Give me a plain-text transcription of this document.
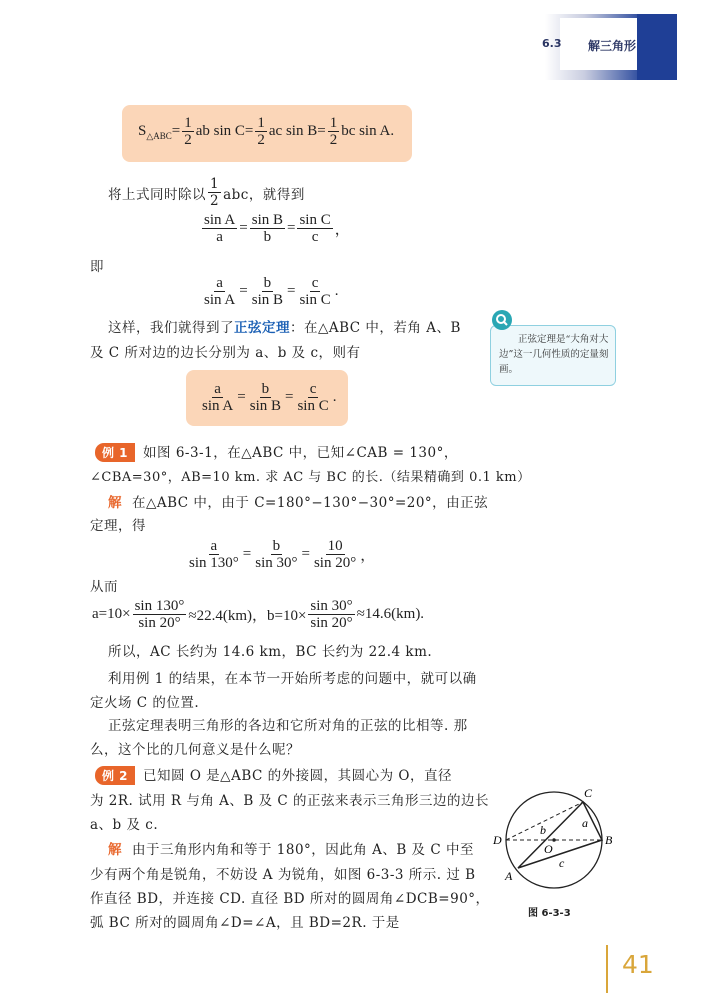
6.3 解三角形
S △ABC = $\frac{1}{2}$ ab $\sin C= \frac{1}{2}$ ac $\sin B= \frac{1}{2}$ bc sin A.
将上式同时除以 $\frac{1}{2}$ abc，就得到
$\frac{\text{sin A}}{a} = \frac{\text{sin B}}{b} = \frac{\text{sin C}}{c}$ ，
即
$\frac{a}{\text{sin A}} = \frac{b}{\text{sin B}} = \frac{c}{\text{sin C}}$ .
这样，我们就得到了正弦定理：在△ABC 中，若角 A、B
及 C 所对边的边长分别为 a、b 及 c，则有
$\frac{a}{\text{sin A}} = \frac{b}{\text{sin B}} = \frac{c}{\text{sin C}}$ .
　　正弦定理是“大角对大边”这一几何性质的定量刻画。
例 1 如图 6-3-1，在△ABC 中，已知∠CAB = 130°，
∠CBA=30°，AB=10 km. 求 AC 与 BC 的长.（结果精确到 0.1 km）
解 在△ABC 中，由于 C=180°−130°−30°=20°，由正弦
定理，得
$\frac{a}{\sin 130^\circ} = \frac{b}{\sin 30^\circ} = \frac{10}{\sin 20^\circ}$ ，
从而
$a=10\times \frac{\sin 130^\circ}{\sin 20^\circ} \approx 22.4(km)$，$b=10\times \frac{\sin 30^\circ}{\sin 20^\circ} \approx 14.6(km)$.
所以，AC 长约为 14.6 km，BC 长约为 22.4 km.
利用例 1 的结果，在本节一开始所考虑的问题中，就可以确
定火场 C 的位置.
正弦定理表明三角形的各边和它所对角的正弦的比相等. 那
么，这个比的几何意义是什么呢？
例 2 已知圆 O 是△ABC 的外接圆，其圆心为 O，直径
为 2R. 试用 R 与角 A、B 及 C 的正弦来表示三角形三边的边长
a、b 及 c.
解 由于三角形内角和等于 180°，因此角 A、B 及 C 中至
少有两个角是锐角，不妨设 A 为锐角，如图 6-3-3 所示. 过 B
作直径 BD，并连接 CD. 直径 BD 所对的圆周角∠DCB=90°，
弧 BC 所对的圆周角∠D=∠A，且 BD=2R. 于是
C
B
D
A
O
a
b
c
图 6-3-3
41
